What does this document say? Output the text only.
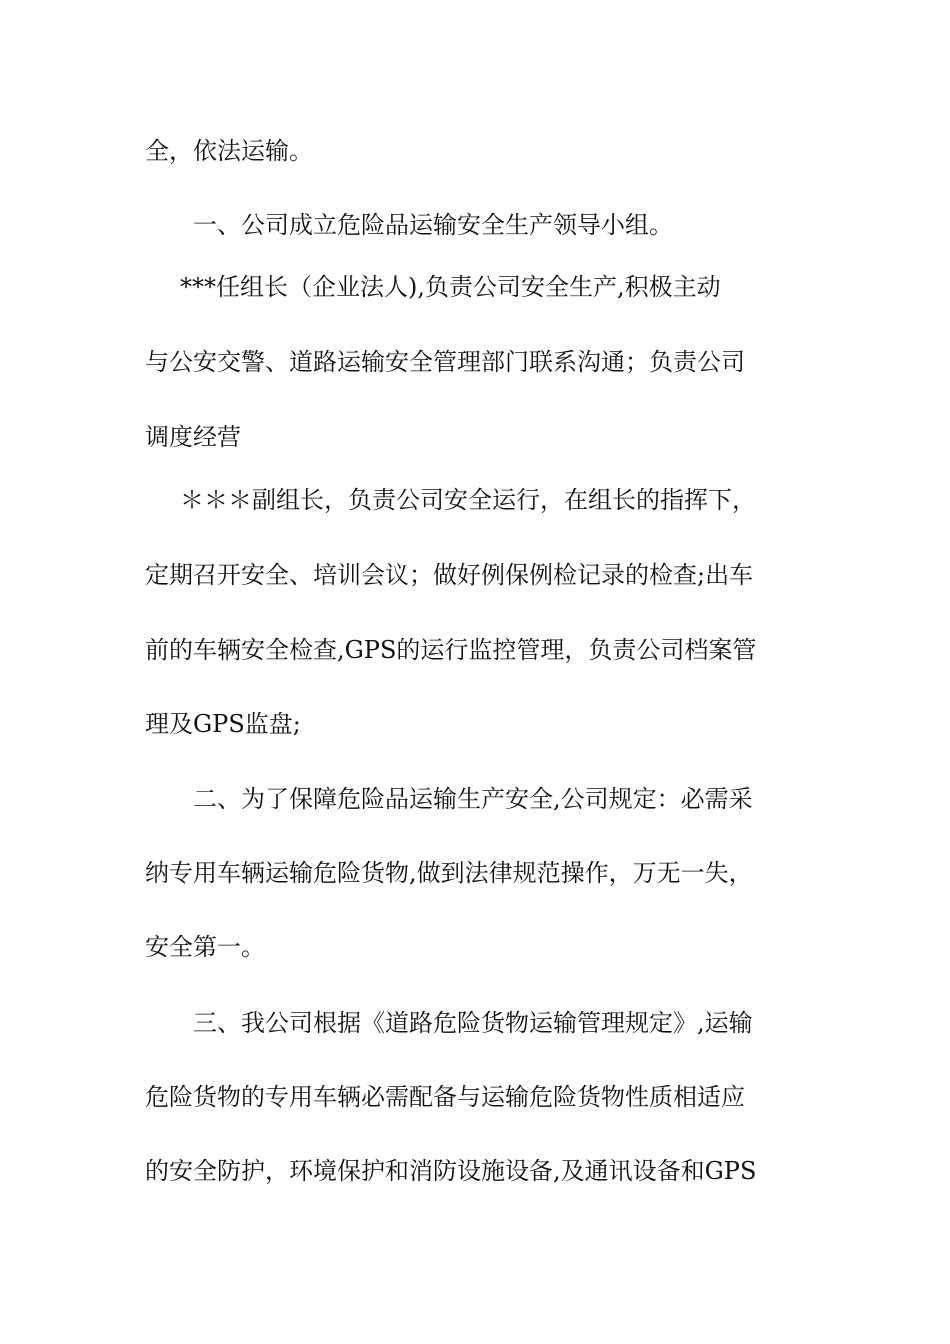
全，依法运输。
一、公司成立危险品运输安全生产领导小组。
***任组长（企业法人),负责公司安全生产,积极主动
与公安交警、道路运输安全管理部门联系沟通；负责公司
调度经营
＊＊＊副组长，负责公司安全运行，在组长的指挥下，
定期召开安全、培训会议；做好例保例检记录的检查;出车
前的车辆安全检查,GPS的运行监控管理，负责公司档案管
理及GPS监盘;
二、为了保障危险品运输生产安全,公司规定：必需采
纳专用车辆运输危险货物,做到法律规范操作，万无一失，
安全第一。
三、我公司根据《道路危险货物运输管理规定》,运输
危险货物的专用车辆必需配备与运输危险货物性质相适应
的安全防护，环境保护和消防设施设备,及通讯设备和GPS
